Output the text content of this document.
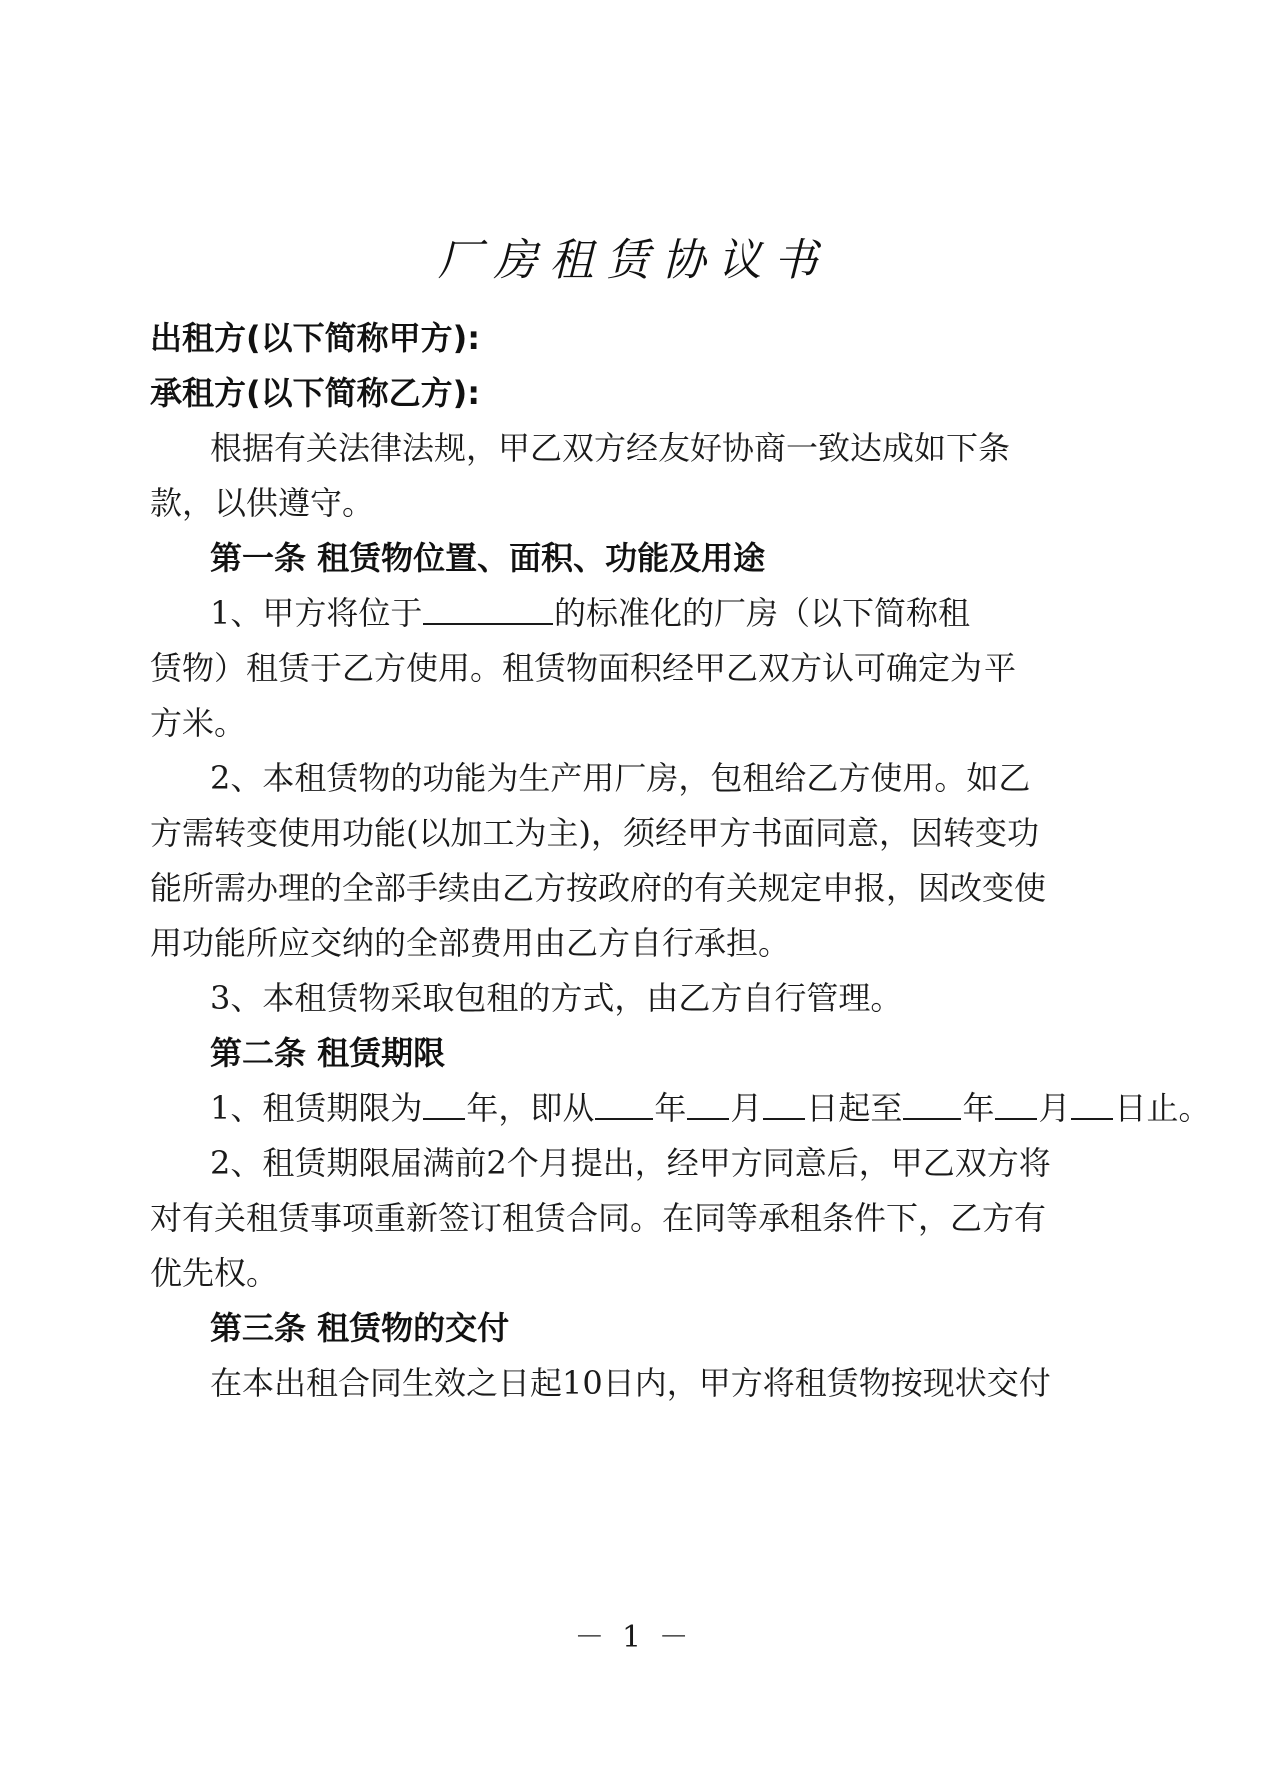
厂房租赁协议书
出租方(以下简称甲方):
承租方(以下简称乙方):
根据有关法律法规，甲乙双方经友好协商一致达成如下条
款，以供遵守。
第一条 租赁物位置、面积、功能及用途
1、甲方将位于	的标准化的厂房（以下简称租
赁物）租赁于乙方使用。租赁物面积经甲乙双方认可确定为 平
方米。
2、本租赁物的功能为生产用厂房，包租给乙方使用。如乙
方需转变使用功能(以加工为主)，须经甲方书面同意，因转变功
能所需办理的全部手续由乙方按政府的有关规定申报，因改变使
用功能所应交纳的全部费用由乙方自行承担。
3、本租赁物采取包租的方式，由乙方自行管理。
第二条 租赁期限
1、租赁期限为 年，即从 年 月 日起至 年 月 日止。
2、租赁期限届满前2个月提出，经甲方同意后，甲乙双方将
对有关租赁事项重新签订租赁合同。在同等承租条件下，乙方有
优先权。
第三条 租赁物的交付
在本出租合同生效之日起10日内，甲方将租赁物按现状交付
－ 1 －
